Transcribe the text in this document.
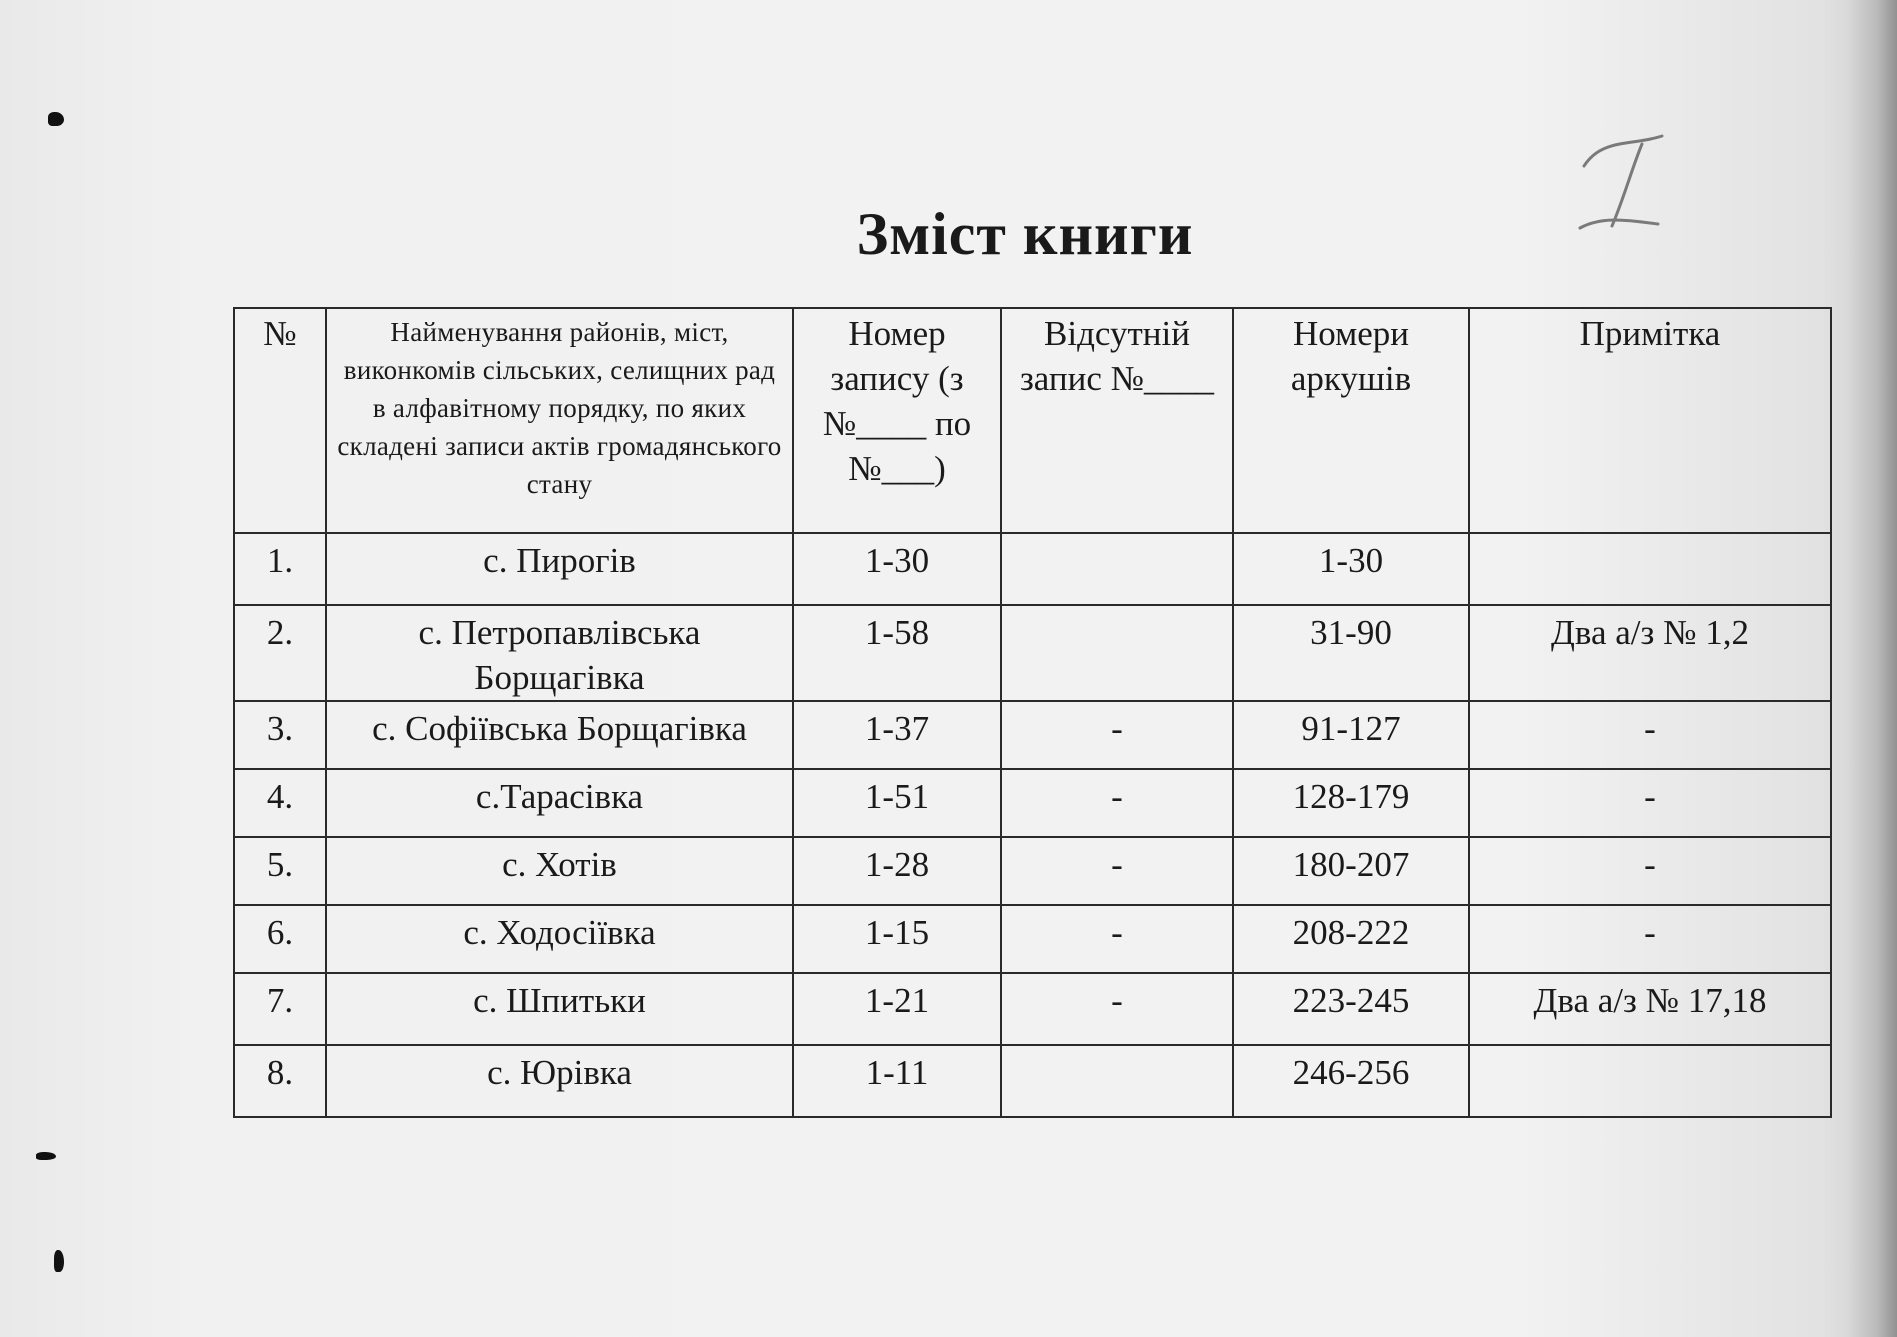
Зміст книги
№	Найменування районів, міст, виконкомів сільських, селищних рад в алфавітному порядку, по яких складені записи актів громадянського стану	Номер запису (з №____ по №___)	Відсутній запис №____	Номери аркушів	Примітка
1.	с. Пирогів	1-30		1-30	
2.	с. Петропавлівська Борщагівка	1-58		31-90	Два а/з № 1,2
3.	с. Софіївська Борщагівка	1-37	-	91-127	-
4.	с.Тарасівка	1-51	-	128-179	-
5.	с. Хотів	1-28	-	180-207	-
6.	с. Ходосіївка	1-15	-	208-222	-
7.	с. Шпитьки	1-21	-	223-245	Два а/з № 17,18
8.	с. Юрівка	1-11		246-256	
